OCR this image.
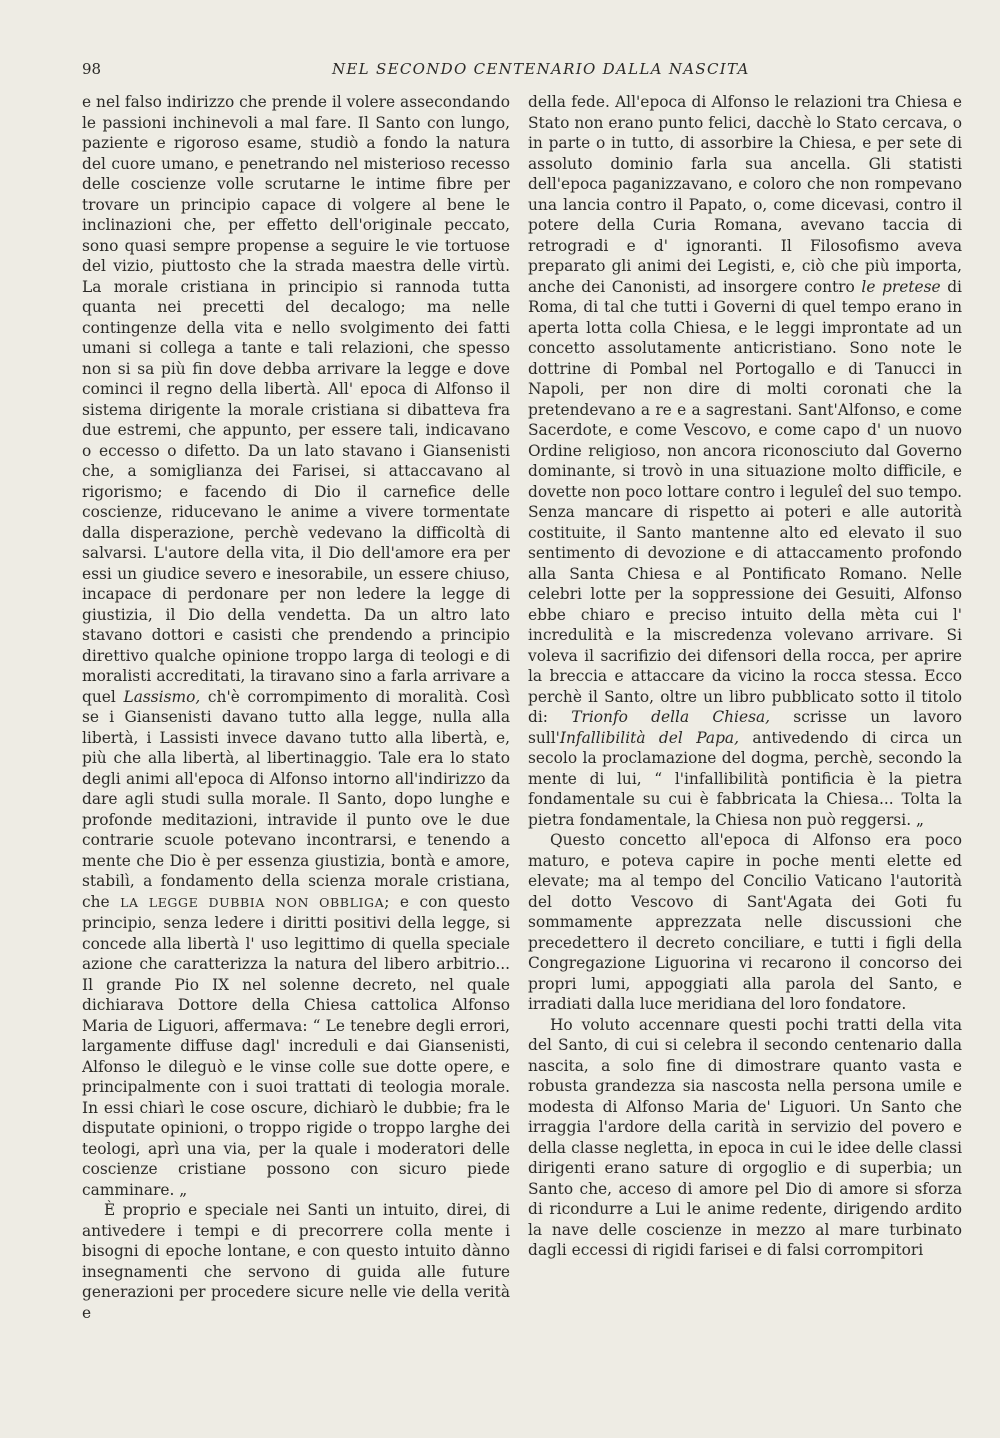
98	NEL SECONDO CENTENARIO DALLA NASCITA

e nel falso indirizzo che prende il volere assecondando le passioni inchinevoli a mal fare. Il Santo con lungo, paziente e rigoroso esame, studiò a fondo la natura del cuore umano, e penetrando nel misterioso recesso delle coscienze volle scrutarne le intime fibre per trovare un principio capace di volgere al bene le inclinazioni che, per effetto dell'originale peccato, sono quasi sempre propense a seguire le vie tortuose del vizio, piuttosto che la strada maestra delle virtù. La morale cristiana in principio si rannoda tutta quanta nei precetti del decalogo; ma nelle contingenze della vita e nello svolgimento dei fatti umani si collega a tante e tali relazioni, che spesso non si sa più fin dove debba arrivare la legge e dove cominci il regno della libertà. All' epoca di Alfonso il sistema dirigente la morale cristiana si dibatteva fra due estremi, che appunto, per essere tali, indicavano o eccesso o difetto. Da un lato stavano i Giansenisti che, a somiglianza dei Farisei, si attaccavano al rigorismo; e facendo di Dio il carnefice delle coscienze, riducevano le anime a vivere tormentate dalla disperazione, perchè vedevano la difficoltà di salvarsi. L'autore della vita, il Dio dell'amore era per essi un giudice severo e inesorabile, un essere chiuso, incapace di perdonare per non ledere la legge di giustizia, il Dio della vendetta. Da un altro lato stavano dottori e casisti che prendendo a principio direttivo qualche opinione troppo larga di teologi e di moralisti accreditati, la tiravano sino a farla arrivare a quel Lassismo, ch'è corrompimento di moralità. Così se i Giansenisti davano tutto alla legge, nulla alla libertà, i Lassisti invece davano tutto alla libertà, e, più che alla libertà, al libertinaggio. Tale era lo stato degli animi all'epoca di Alfonso intorno all'indirizzo da dare agli studi sulla morale. Il Santo, dopo lunghe e profonde meditazioni, intravide il punto ove le due contrarie scuole potevano incontrarsi, e tenendo a mente che Dio è per essenza giustizia, bontà e amore, stabilì, a fondamento della scienza morale cristiana, che LA LEGGE DUBBIA NON OBBLIGA; e con questo principio, senza ledere i diritti positivi della legge, si concede alla libertà l' uso legittimo di quella speciale azione che caratterizza la natura del libero arbitrio... Il grande Pio IX nel solenne decreto, nel quale dichiarava Dottore della Chiesa cattolica Alfonso Maria de Liguori, affermava: “ Le tenebre degli errori, largamente diffuse dagl' increduli e dai Giansenisti, Alfonso le dileguò e le vinse colle sue dotte opere, e principalmente con i suoi trattati di teologia morale. In essi chiarì le cose oscure, dichiarò le dubbie; fra le disputate opinioni, o troppo rigide o troppo larghe dei teologi, aprì una via, per la quale i moderatori delle coscienze cristiane possono con sicuro piede camminare. „

È proprio e speciale nei Santi un intuito, direi, di antivedere i tempi e di precorrere colla mente i bisogni di epoche lontane, e con questo intuito dànno insegnamenti che servono di guida alle future generazioni per procedere sicure nelle vie della verità e

della fede. All'epoca di Alfonso le relazioni tra Chiesa e Stato non erano punto felici, dacchè lo Stato cercava, o in parte o in tutto, di assorbire la Chiesa, e per sete di assoluto dominio farla sua ancella. Gli statisti dell'epoca paganizzavano, e coloro che non rompevano una lancia contro il Papato, o, come dicevasi, contro il potere della Curia Romana, avevano taccia di retrogradi e d' ignoranti. Il Filosofismo aveva preparato gli animi dei Legisti, e, ciò che più importa, anche dei Canonisti, ad insorgere contro le pretese di Roma, di tal che tutti i Governi di quel tempo erano in aperta lotta colla Chiesa, e le leggi improntate ad un concetto assolutamente anticristiano. Sono note le dottrine di Pombal nel Portogallo e di Tanucci in Napoli, per non dire di molti coronati che la pretendevano a re e a sagrestani. Sant'Alfonso, e come Sacerdote, e come Vescovo, e come capo d' un nuovo Ordine religioso, non ancora riconosciuto dal Governo dominante, si trovò in una situazione molto difficile, e dovette non poco lottare contro i leguleî del suo tempo. Senza mancare di rispetto ai poteri e alle autorità costituite, il Santo mantenne alto ed elevato il suo sentimento di devozione e di attaccamento profondo alla Santa Chiesa e al Pontificato Romano. Nelle celebri lotte per la soppressione dei Gesuiti, Alfonso ebbe chiaro e preciso intuito della mèta cui l' incredulità e la miscredenza volevano arrivare. Si voleva il sacrifizio dei difensori della rocca, per aprire la breccia e attaccare da vicino la rocca stessa. Ecco perchè il Santo, oltre un libro pubblicato sotto il titolo di: Trionfo della Chiesa, scrisse un lavoro sull'Infallibilità del Papa, antivedendo di circa un secolo la proclamazione del dogma, perchè, secondo la mente di lui, “ l'infallibilità pontificia è la pietra fondamentale su cui è fabbricata la Chiesa... Tolta la pietra fondamentale, la Chiesa non può reggersi. „

Questo concetto all'epoca di Alfonso era poco maturo, e poteva capire in poche menti elette ed elevate; ma al tempo del Concilio Vaticano l'autorità del dotto Vescovo di Sant'Agata dei Goti fu sommamente apprezzata nelle discussioni che precedettero il decreto conciliare, e tutti i figli della Congregazione Liguorina vi recarono il concorso dei propri lumi, appoggiati alla parola del Santo, e irradiati dalla luce meridiana del loro fondatore.

Ho voluto accennare questi pochi tratti della vita del Santo, di cui si celebra il secondo centenario dalla nascita, a solo fine di dimostrare quanto vasta e robusta grandezza sia nascosta nella persona umile e modesta di Alfonso Maria de' Liguori. Un Santo che irraggia l'ardore della carità in servizio del povero e della classe negletta, in epoca in cui le idee delle classi dirigenti erano sature di orgoglio e di superbia; un Santo che, acceso di amore pel Dio di amore si sforza di ricondurre a Lui le anime redente, dirigendo ardito la nave delle coscienze in mezzo al mare turbinato dagli eccessi di rigidi farisei e di falsi corrompitori
